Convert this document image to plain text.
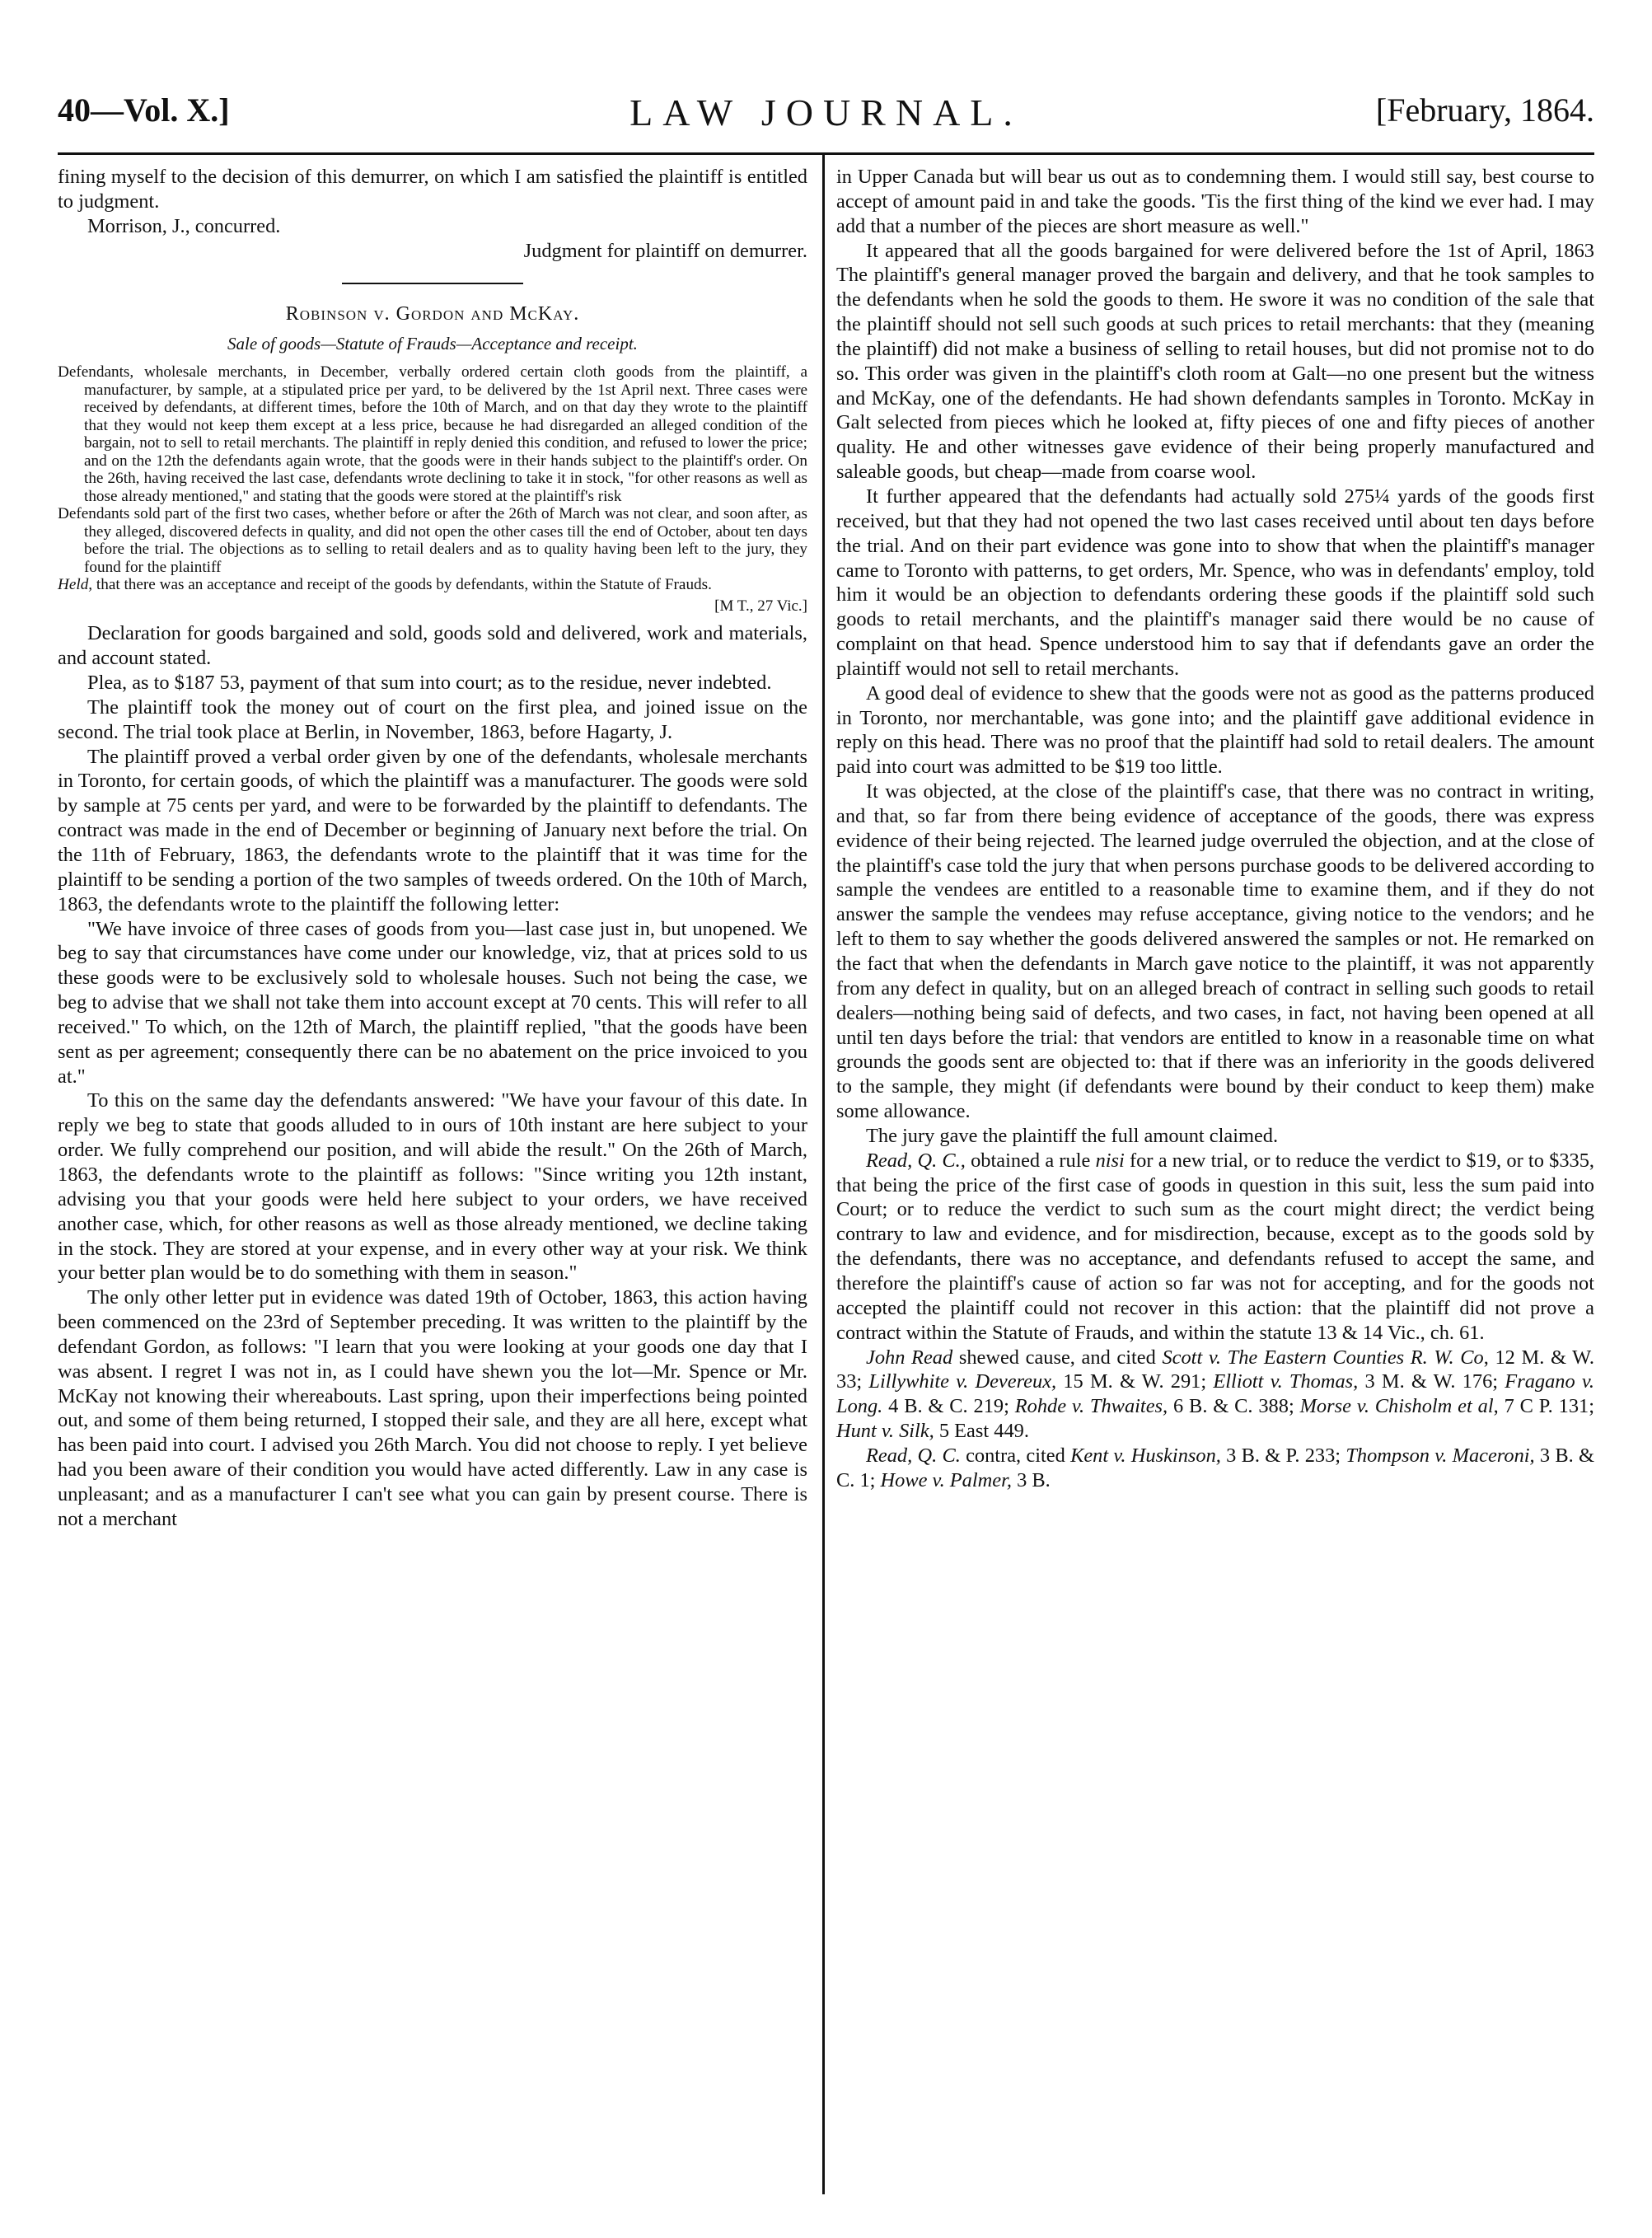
40—Vol. X.]	LAW JOURNAL.	[February, 1864.

fining myself to the decision of this demurrer, on which I am satisfied the plaintiff is entitled to judgment.

Morrison, J., concurred.

Judgment for plaintiff on demurrer.

Robinson v. Gordon and McKay.
Sale of goods—Statute of Frauds—Acceptance and receipt.
Defendants, wholesale merchants, in December, verbally ordered certain cloth goods from the plaintiff, a manufacturer, by sample, at a stipulated price per yard, to be delivered by the 1st April next. Three cases were received by defendants, at different times, before the 10th of March, and on that day they wrote to the plaintiff that they would not keep them except at a less price, because he had disregarded an alleged condition of the bargain, not to sell to retail merchants. The plaintiff in reply denied this condition, and refused to lower the price; and on the 12th the defendants again wrote, that the goods were in their hands subject to the plaintiff's order. On the 26th, having received the last case, defendants wrote declining to take it in stock, "for other reasons as well as those already mentioned," and stating that the goods were stored at the plaintiff's risk
Defendants sold part of the first two cases, whether before or after the 26th of March was not clear, and soon after, as they alleged, discovered defects in quality, and did not open the other cases till the end of October, about ten days before the trial. The objections as to selling to retail dealers and as to quality having been left to the jury, they found for the plaintiff
Held, that there was an acceptance and receipt of the goods by defendants, within the Statute of Frauds.
[M T., 27 Vic.]

Declaration for goods bargained and sold, goods sold and delivered, work and materials, and account stated.

Plea, as to $187 53, payment of that sum into court; as to the residue, never indebted.

The plaintiff took the money out of court on the first plea, and joined issue on the second. The trial took place at Berlin, in November, 1863, before Hagarty, J.

The plaintiff proved a verbal order given by one of the defendants, wholesale merchants in Toronto, for certain goods, of which the plaintiff was a manufacturer. The goods were sold by sample at 75 cents per yard, and were to be forwarded by the plaintiff to defendants. The contract was made in the end of December or beginning of January next before the trial. On the 11th of February, 1863, the defendants wrote to the plaintiff that it was time for the plaintiff to be sending a portion of the two samples of tweeds ordered. On the 10th of March, 1863, the defendants wrote to the plaintiff the following letter:

"We have invoice of three cases of goods from you—last case just in, but unopened. We beg to say that circumstances have come under our knowledge, viz, that at prices sold to us these goods were to be exclusively sold to wholesale houses. Such not being the case, we beg to advise that we shall not take them into account except at 70 cents. This will refer to all received." To which, on the 12th of March, the plaintiff replied, "that the goods have been sent as per agreement; consequently there can be no abatement on the price invoiced to you at."

To this on the same day the defendants answered: "We have your favour of this date. In reply we beg to state that goods alluded to in ours of 10th instant are here subject to your order. We fully comprehend our position, and will abide the result." On the 26th of March, 1863, the defendants wrote to the plaintiff as follows: "Since writing you 12th instant, advising you that your goods were held here subject to your orders, we have received another case, which, for other reasons as well as those already mentioned, we decline taking in the stock. They are stored at your expense, and in every other way at your risk. We think your better plan would be to do something with them in season."

The only other letter put in evidence was dated 19th of October, 1863, this action having been commenced on the 23rd of September preceding. It was written to the plaintiff by the defendant Gordon, as follows: "I learn that you were looking at your goods one day that I was absent. I regret I was not in, as I could have shewn you the lot—Mr. Spence or Mr. McKay not knowing their whereabouts. Last spring, upon their imperfections being pointed out, and some of them being returned, I stopped their sale, and they are all here, except what has been paid into court. I advised you 26th March. You did not choose to reply. I yet believe had you been aware of their condition you would have acted differently. Law in any case is unpleasant; and as a manufacturer I can't see what you can gain by present course. There is not a merchant

in Upper Canada but will bear us out as to condemning them. I would still say, best course to accept of amount paid in and take the goods. 'Tis the first thing of the kind we ever had. I may add that a number of the pieces are short measure as well."

It appeared that all the goods bargained for were delivered before the 1st of April, 1863 The plaintiff's general manager proved the bargain and delivery, and that he took samples to the defendants when he sold the goods to them. He swore it was no condition of the sale that the plaintiff should not sell such goods at such prices to retail merchants: that they (meaning the plaintiff) did not make a business of selling to retail houses, but did not promise not to do so. This order was given in the plaintiff's cloth room at Galt—no one present but the witness and McKay, one of the defendants. He had shown defendants samples in Toronto. McKay in Galt selected from pieces which he looked at, fifty pieces of one and fifty pieces of another quality. He and other witnesses gave evidence of their being properly manufactured and saleable goods, but cheap—made from coarse wool.

It further appeared that the defendants had actually sold 275¼ yards of the goods first received, but that they had not opened the two last cases received until about ten days before the trial. And on their part evidence was gone into to show that when the plaintiff's manager came to Toronto with patterns, to get orders, Mr. Spence, who was in defendants' employ, told him it would be an objection to defendants ordering these goods if the plaintiff sold such goods to retail merchants, and the plaintiff's manager said there would be no cause of complaint on that head. Spence understood him to say that if defendants gave an order the plaintiff would not sell to retail merchants.

A good deal of evidence to shew that the goods were not as good as the patterns produced in Toronto, nor merchantable, was gone into; and the plaintiff gave additional evidence in reply on this head. There was no proof that the plaintiff had sold to retail dealers. The amount paid into court was admitted to be $19 too little.

It was objected, at the close of the plaintiff's case, that there was no contract in writing, and that, so far from there being evidence of acceptance of the goods, there was express evidence of their being rejected. The learned judge overruled the objection, and at the close of the plaintiff's case told the jury that when persons purchase goods to be delivered according to sample the vendees are entitled to a reasonable time to examine them, and if they do not answer the sample the vendees may refuse acceptance, giving notice to the vendors; and he left to them to say whether the goods delivered answered the samples or not. He remarked on the fact that when the defendants in March gave notice to the plaintiff, it was not apparently from any defect in quality, but on an alleged breach of contract in selling such goods to retail dealers—nothing being said of defects, and two cases, in fact, not having been opened at all until ten days before the trial: that vendors are entitled to know in a reasonable time on what grounds the goods sent are objected to: that if there was an inferiority in the goods delivered to the sample, they might (if defendants were bound by their conduct to keep them) make some allowance.

The jury gave the plaintiff the full amount claimed.

Read, Q. C., obtained a rule nisi for a new trial, or to reduce the verdict to $19, or to $335, that being the price of the first case of goods in question in this suit, less the sum paid into Court; or to reduce the verdict to such sum as the court might direct; the verdict being contrary to law and evidence, and for misdirection, because, except as to the goods sold by the defendants, there was no acceptance, and defendants refused to accept the same, and therefore the plaintiff's cause of action so far was not for accepting, and for the goods not accepted the plaintiff could not recover in this action: that the plaintiff did not prove a contract within the Statute of Frauds, and within the statute 13 & 14 Vic., ch. 61.

John Read shewed cause, and cited Scott v. The Eastern Counties R. W. Co, 12 M. & W. 33; Lillywhite v. Devereux, 15 M. & W. 291; Elliott v. Thomas, 3 M. & W. 176; Fragano v. Long. 4 B. & C. 219; Rohde v. Thwaites, 6 B. & C. 388; Morse v. Chisholm et al, 7 C P. 131; Hunt v. Silk, 5 East 449.

Read, Q. C. contra, cited Kent v. Huskinson, 3 B. & P. 233; Thompson v. Maceroni, 3 B. & C. 1; Howe v. Palmer, 3 B.
